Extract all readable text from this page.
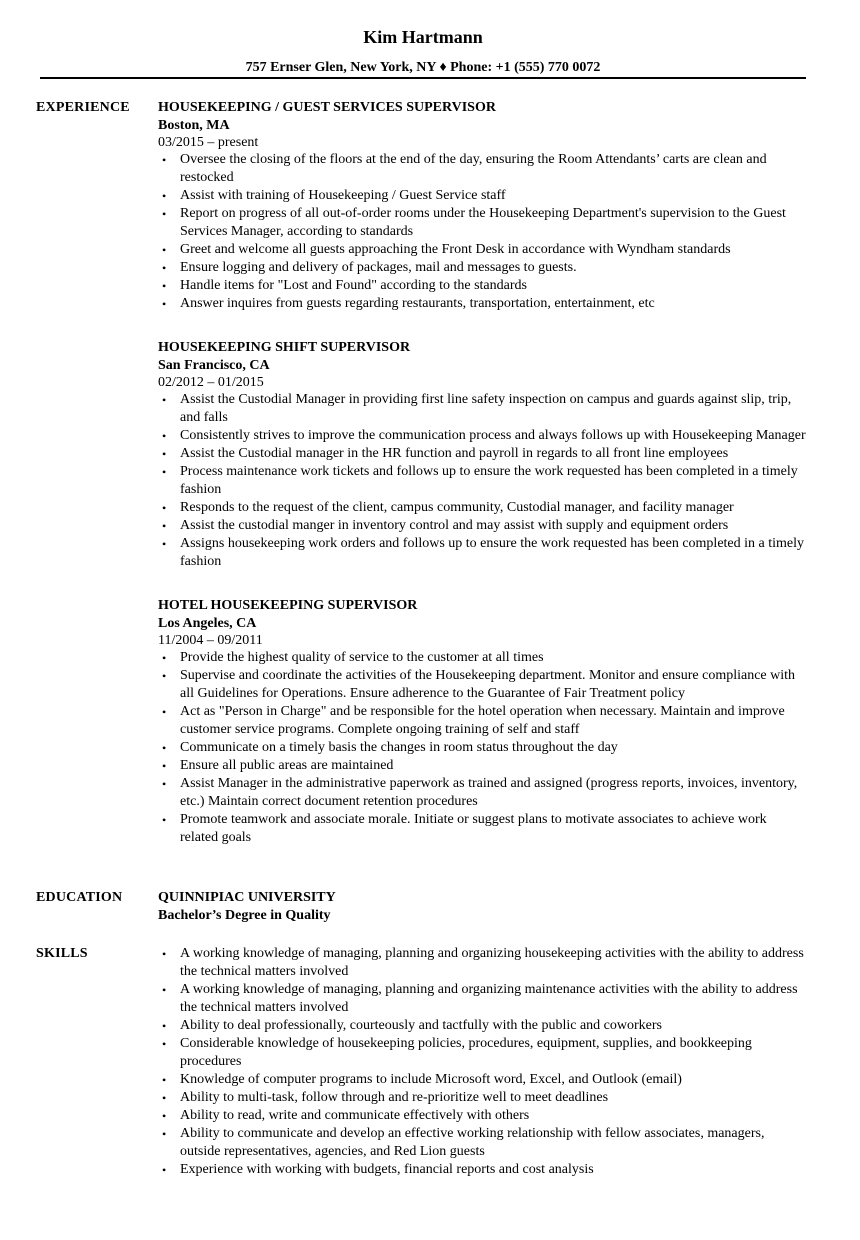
Kim Hartmann
757 Ernser Glen, New York, NY ♦ Phone: +1 (555) 770 0072
EXPERIENCE	HOUSEKEEPING / GUEST SERVICES SUPERVISOR
Boston, MA
03/2015 – present
• Oversee the closing of the floors at the end of the day, ensuring the Room Attendants’ carts are clean and restocked
• Assist with training of Housekeeping / Guest Service staff
• Report on progress of all out-of-order rooms under the Housekeeping Department's supervision to the Guest Services Manager, according to standards
• Greet and welcome all guests approaching the Front Desk in accordance with Wyndham standards
• Ensure logging and delivery of packages, mail and messages to guests.
• Handle items for "Lost and Found" according to the standards
• Answer inquires from guests regarding restaurants, transportation, entertainment, etc
HOUSEKEEPING SHIFT SUPERVISOR
San Francisco, CA
02/2012 – 01/2015
• Assist the Custodial Manager in providing first line safety inspection on campus and guards against slip, trip, and falls
• Consistently strives to improve the communication process and always follows up with Housekeeping Manager
• Assist the Custodial manager in the HR function and payroll in regards to all front line employees
• Process maintenance work tickets and follows up to ensure the work requested has been completed in a timely fashion
• Responds to the request of the client, campus community, Custodial manager, and facility manager
• Assist the custodial manger in inventory control and may assist with supply and equipment orders
• Assigns housekeeping work orders and follows up to ensure the work requested has been completed in a timely fashion
HOTEL HOUSEKEEPING SUPERVISOR
Los Angeles, CA
11/2004 – 09/2011
• Provide the highest quality of service to the customer at all times
• Supervise and coordinate the activities of the Housekeeping department. Monitor and ensure compliance with all Guidelines for Operations. Ensure adherence to the Guarantee of Fair Treatment policy
• Act as "Person in Charge" and be responsible for the hotel operation when necessary. Maintain and improve customer service programs. Complete ongoing training of self and staff
• Communicate on a timely basis the changes in room status throughout the day
• Ensure all public areas are maintained
• Assist Manager in the administrative paperwork as trained and assigned (progress reports, invoices, inventory, etc.) Maintain correct document retention procedures
• Promote teamwork and associate morale. Initiate or suggest plans to motivate associates to achieve work related goals
EDUCATION	QUINNIPIAC UNIVERSITY
Bachelor’s Degree in Quality
SKILLS	• A working knowledge of managing, planning and organizing housekeeping activities with the ability to address the technical matters involved
• A working knowledge of managing, planning and organizing maintenance activities with the ability to address the technical matters involved
• Ability to deal professionally, courteously and tactfully with the public and coworkers
• Considerable knowledge of housekeeping policies, procedures, equipment, supplies, and bookkeeping procedures
• Knowledge of computer programs to include Microsoft word, Excel, and Outlook (email)
• Ability to multi-task, follow through and re-prioritize well to meet deadlines
• Ability to read, write and communicate effectively with others
• Ability to communicate and develop an effective working relationship with fellow associates, managers, outside representatives, agencies, and Red Lion guests
• Experience with working with budgets, financial reports and cost analysis
